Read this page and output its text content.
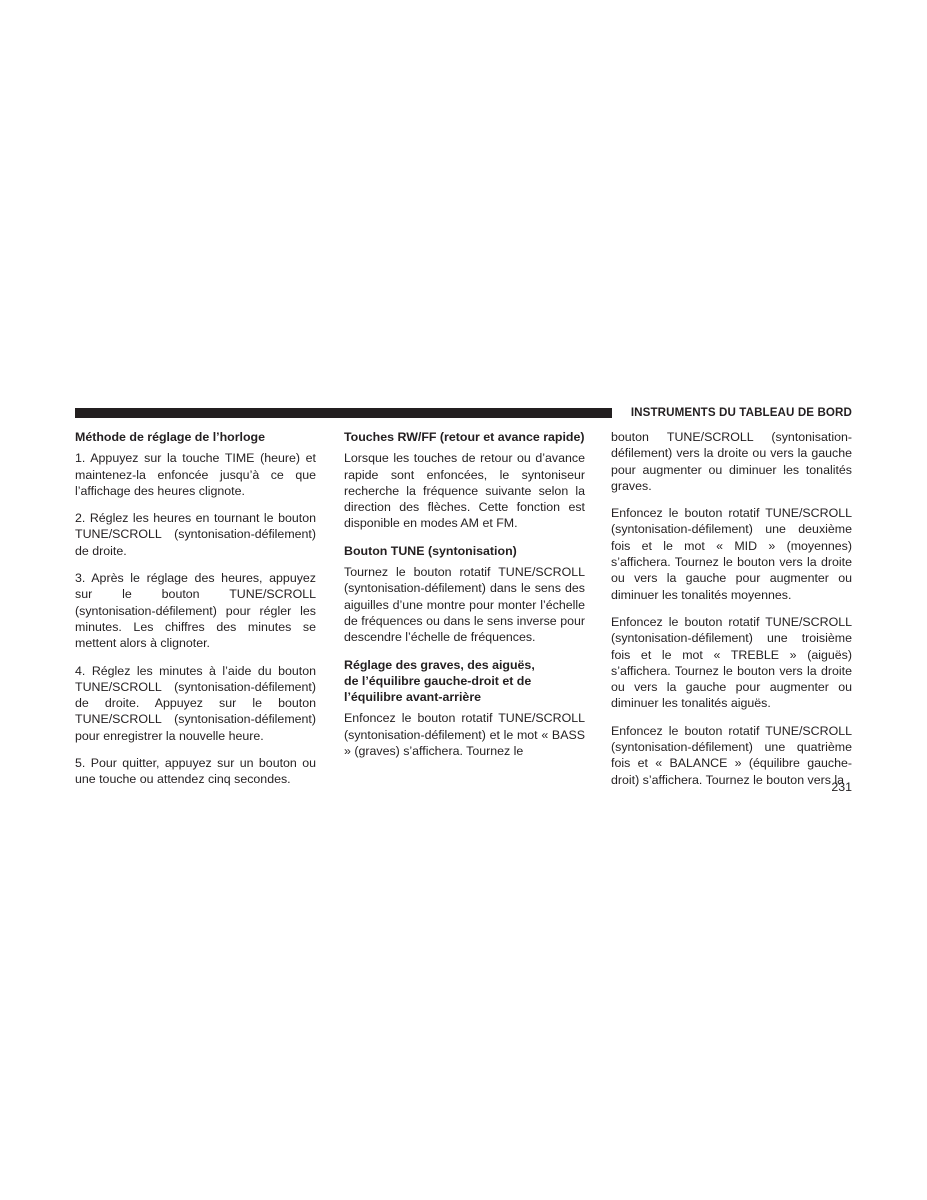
INSTRUMENTS DU TABLEAU DE BORD
Méthode de réglage de l’horloge

1. Appuyez sur la touche TIME (heure) et maintenez-la enfoncée jusqu’à ce que l’affichage des heures clignote.

2. Réglez les heures en tournant le bouton TUNE/SCROLL (syntonisation-défilement) de droite.

3. Après le réglage des heures, appuyez sur le bouton TUNE/SCROLL (syntonisation-défilement) pour régler les minutes. Les chiffres des minutes se mettent alors à clignoter.

4. Réglez les minutes à l’aide du bouton TUNE/SCROLL (syntonisation-défilement) de droite. Appuyez sur le bouton TUNE/SCROLL (syntonisation-défilement) pour enregistrer la nouvelle heure.

5. Pour quitter, appuyez sur un bouton ou une touche ou attendez cinq secondes.

Touches RW/FF (retour et avance rapide)

Lorsque les touches de retour ou d’avance rapide sont enfoncées, le syntoniseur recherche la fréquence suivante selon la direction des flèches. Cette fonction est disponible en modes AM et FM.

Bouton TUNE (syntonisation)

Tournez le bouton rotatif TUNE/SCROLL (syntonisation-défilement) dans le sens des aiguilles d’une montre pour monter l’échelle de fréquences ou dans le sens inverse pour descendre l’échelle de fréquences.

Réglage des graves, des aiguës, de l’équilibre gauche-droit et de l’équilibre avant-arrière

Enfoncez le bouton rotatif TUNE/SCROLL (syntonisation-défilement) et le mot « BASS » (graves) s’affichera. Tournez le

bouton TUNE/SCROLL (syntonisation-défilement) vers la droite ou vers la gauche pour augmenter ou diminuer les tonalités graves.

Enfoncez le bouton rotatif TUNE/SCROLL (syntonisation-défilement) une deuxième fois et le mot « MID » (moyennes) s’affichera. Tournez le bouton vers la droite ou vers la gauche pour augmenter ou diminuer les tonalités moyennes.

Enfoncez le bouton rotatif TUNE/SCROLL (syntonisation-défilement) une troisième fois et le mot « TREBLE » (aiguës) s’affichera. Tournez le bouton vers la droite ou vers la gauche pour augmenter ou diminuer les tonalités aiguës.

Enfoncez le bouton rotatif TUNE/SCROLL (syntonisation-défilement) une quatrième fois et « BALANCE » (équilibre gauche-droit) s’affichera. Tournez le bouton vers la

231
